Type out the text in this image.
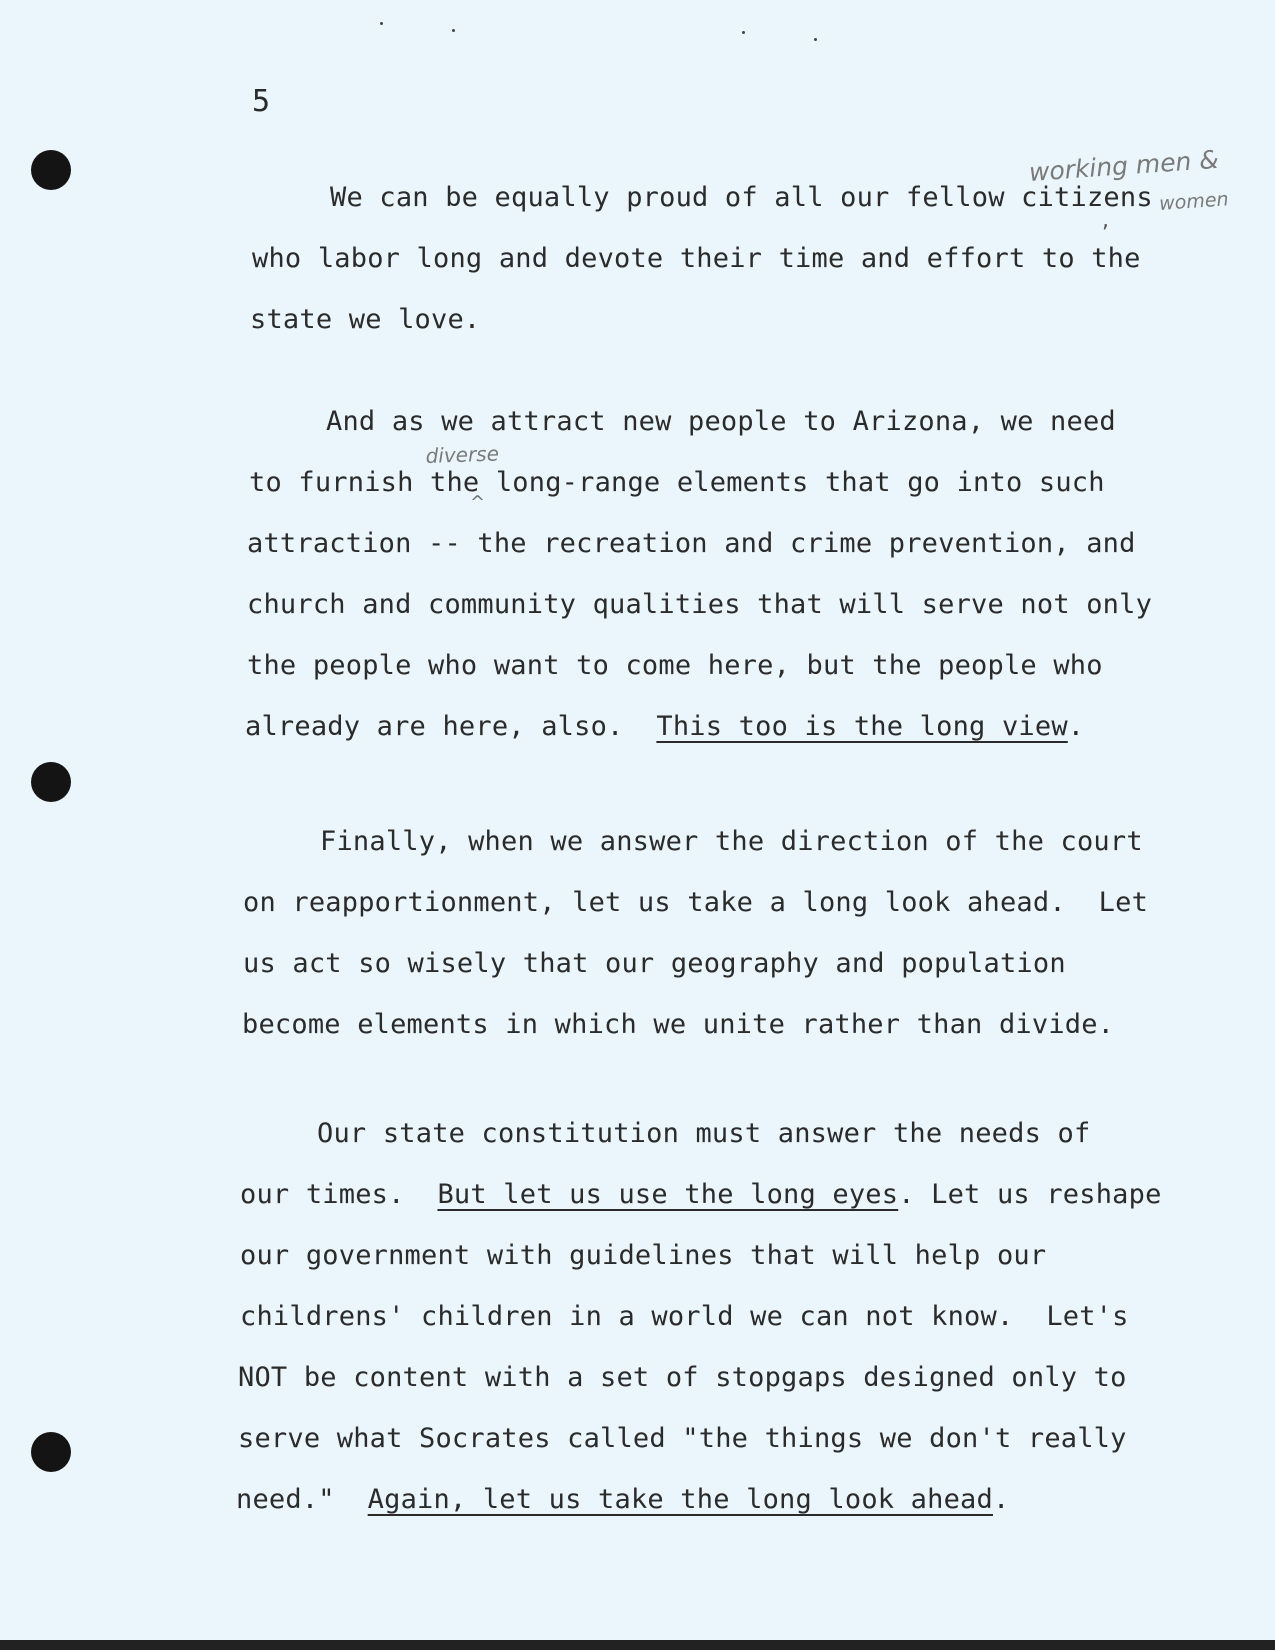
5
We can be equally proud of all our fellow citizens
who labor long and devote their time and effort to the
state we love.
And as we attract new people to Arizona, we need
to furnish the long-range elements that go into such
attraction -- the recreation and crime prevention, and
church and community qualities that will serve not only
the people who want to come here, but the people who
already are here, also.  This too is the long view.
Finally, when we answer the direction of the court
on reapportionment, let us take a long look ahead.  Let
us act so wisely that our geography and population
become elements in which we unite rather than divide.
Our state constitution must answer the needs of
our times.  But let us use the long eyes. Let us reshape
our government with guidelines that will help our
childrens' children in a world we can not know.  Let's
NOT be content with a set of stopgaps designed only to
serve what Socrates called "the things we don't really
need."  Again, let us take the long look ahead.
working men &
women
,
diverse
^
